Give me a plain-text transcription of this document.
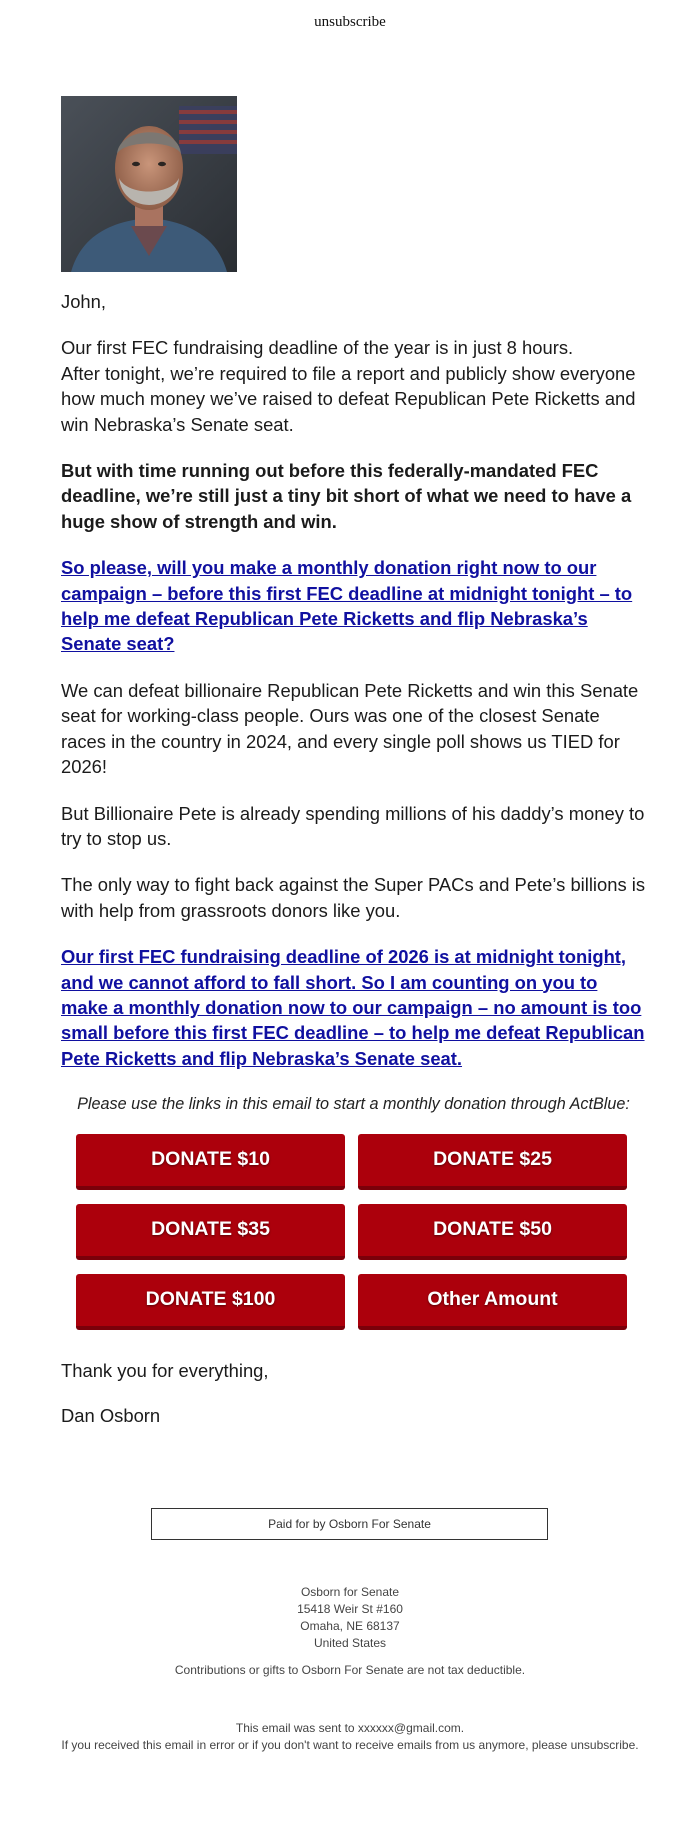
unsubscribe

John,

Our first FEC fundraising deadline of the year is in just 8 hours.
After tonight, we’re required to file a report and publicly show everyone how much money we’ve raised to defeat Republican Pete Ricketts and win Nebraska’s Senate seat.

But with time running out before this federally-mandated FEC deadline, we’re still just a tiny bit short of what we need to have a huge show of strength and win.

So please, will you make a monthly donation right now to our campaign – before this first FEC deadline at midnight tonight – to help me defeat Republican Pete Ricketts and flip Nebraska’s Senate seat?

We can defeat billionaire Republican Pete Ricketts and win this Senate seat for working-class people. Ours was one of the closest Senate races in the country in 2024, and every single poll shows us TIED for 2026!

But Billionaire Pete is already spending millions of his daddy’s money to try to stop us.

The only way to fight back against the Super PACs and Pete’s billions is with help from grassroots donors like you.

Our first FEC fundraising deadline of 2026 is at midnight tonight, and we cannot afford to fall short. So I am counting on you to make a monthly donation now to our campaign – no amount is too small before this first FEC deadline – to help me defeat Republican Pete Ricketts and flip Nebraska’s Senate seat.

Please use the links in this email to start a monthly donation through ActBlue:

DONATE $10	DONATE $25
DONATE $35	DONATE $50
DONATE $100	Other Amount

Thank you for everything,

Dan Osborn

Paid for by Osborn For Senate
Osborn for Senate
15418 Weir St #160
Omaha, NE 68137
United States
Contributions or gifts to Osborn For Senate are not tax deductible.
This email was sent to xxxxxx@gmail.com.
If you received this email in error or if you don't want to receive emails from us anymore, please unsubscribe.
